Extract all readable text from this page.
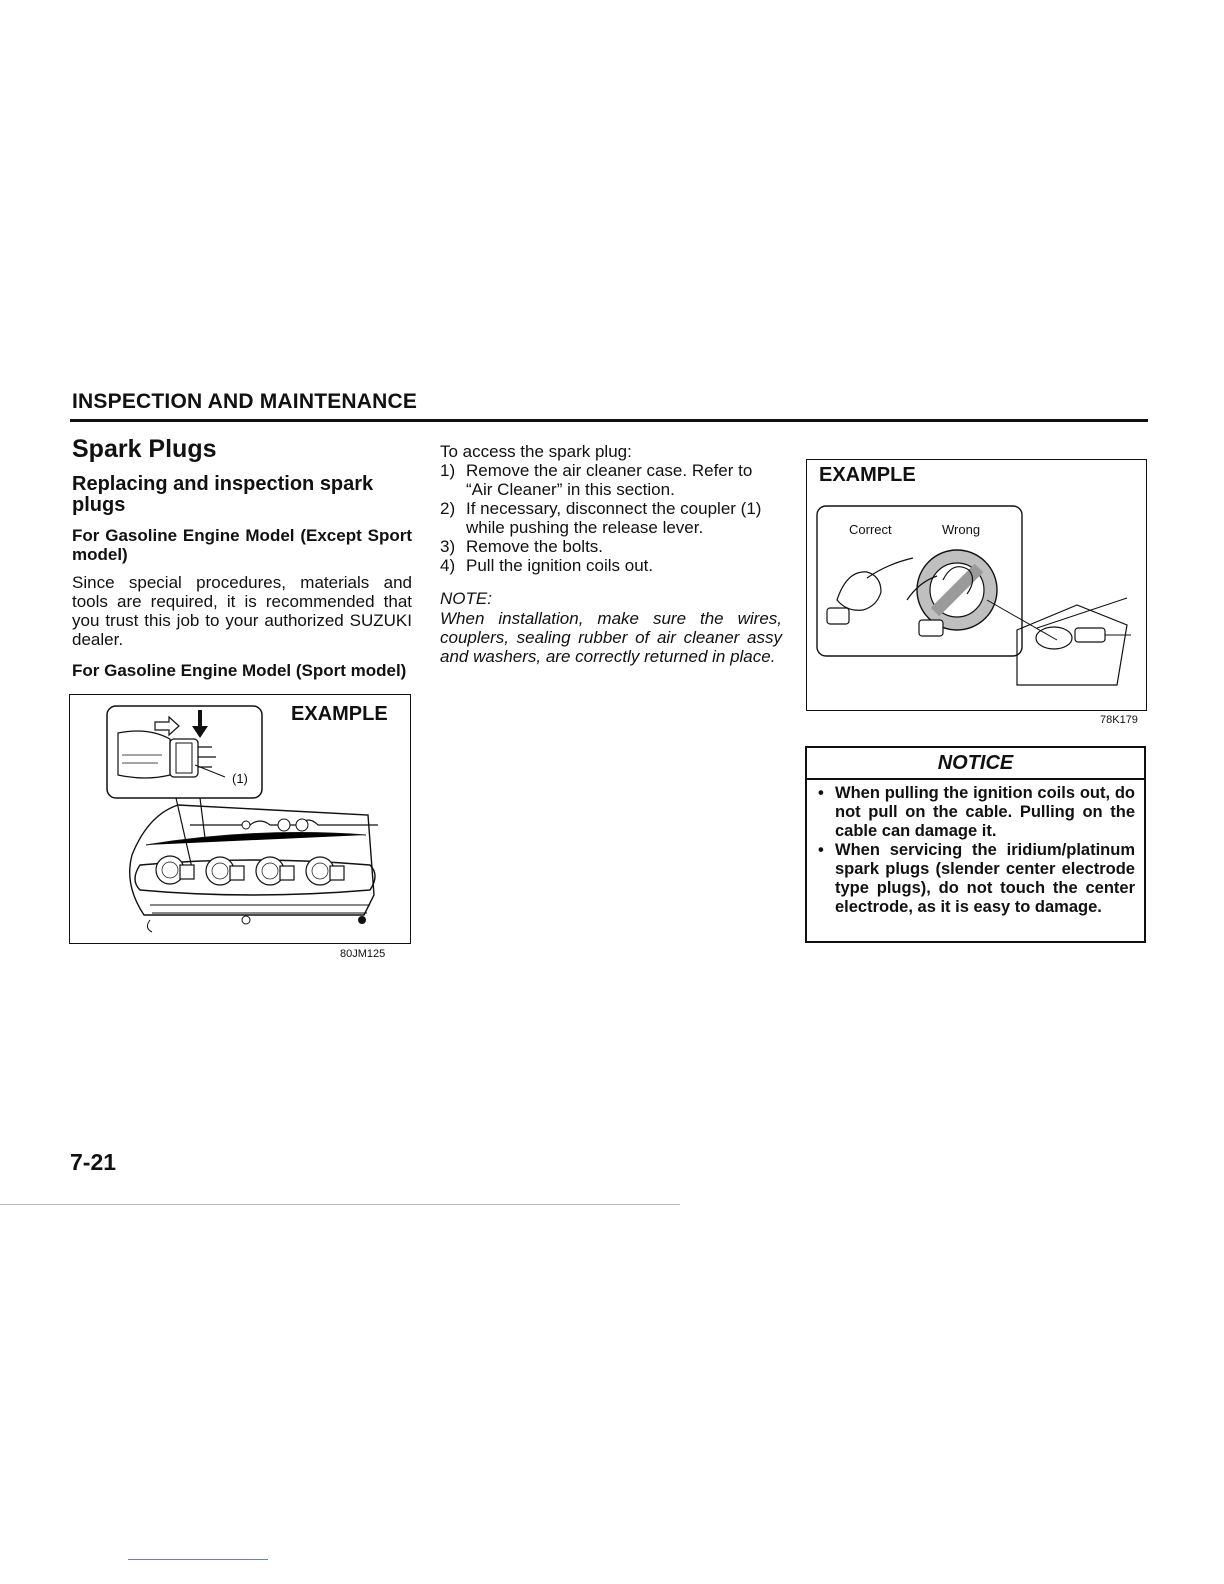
INSPECTION AND MAINTENANCE
Spark Plugs
Replacing and inspection spark plugs
For Gasoline Engine Model (Except Sport model)
Since special procedures, materials and tools are required, it is recommended that you trust this job to your authorized SUZUKI dealer.
For Gasoline Engine Model (Sport model)
EXAMPLE
(1)
80JM125
To access the spark plug:
1) Remove the air cleaner case. Refer to “Air Cleaner” in this section.
2) If necessary, disconnect the coupler (1) while pushing the release lever.
3) Remove the bolts.
4) Pull the ignition coils out.
NOTE:
When installation, make sure the wires, couplers, sealing rubber of air cleaner assy and washers, are correctly returned in place.
EXAMPLE
Correct	Wrong
78K179
NOTICE
• When pulling the ignition coils out, do not pull on the cable. Pulling on the cable can damage it.
• When servicing the iridium/platinum spark plugs (slender center electrode type plugs), do not touch the center electrode, as it is easy to damage.
7-21
